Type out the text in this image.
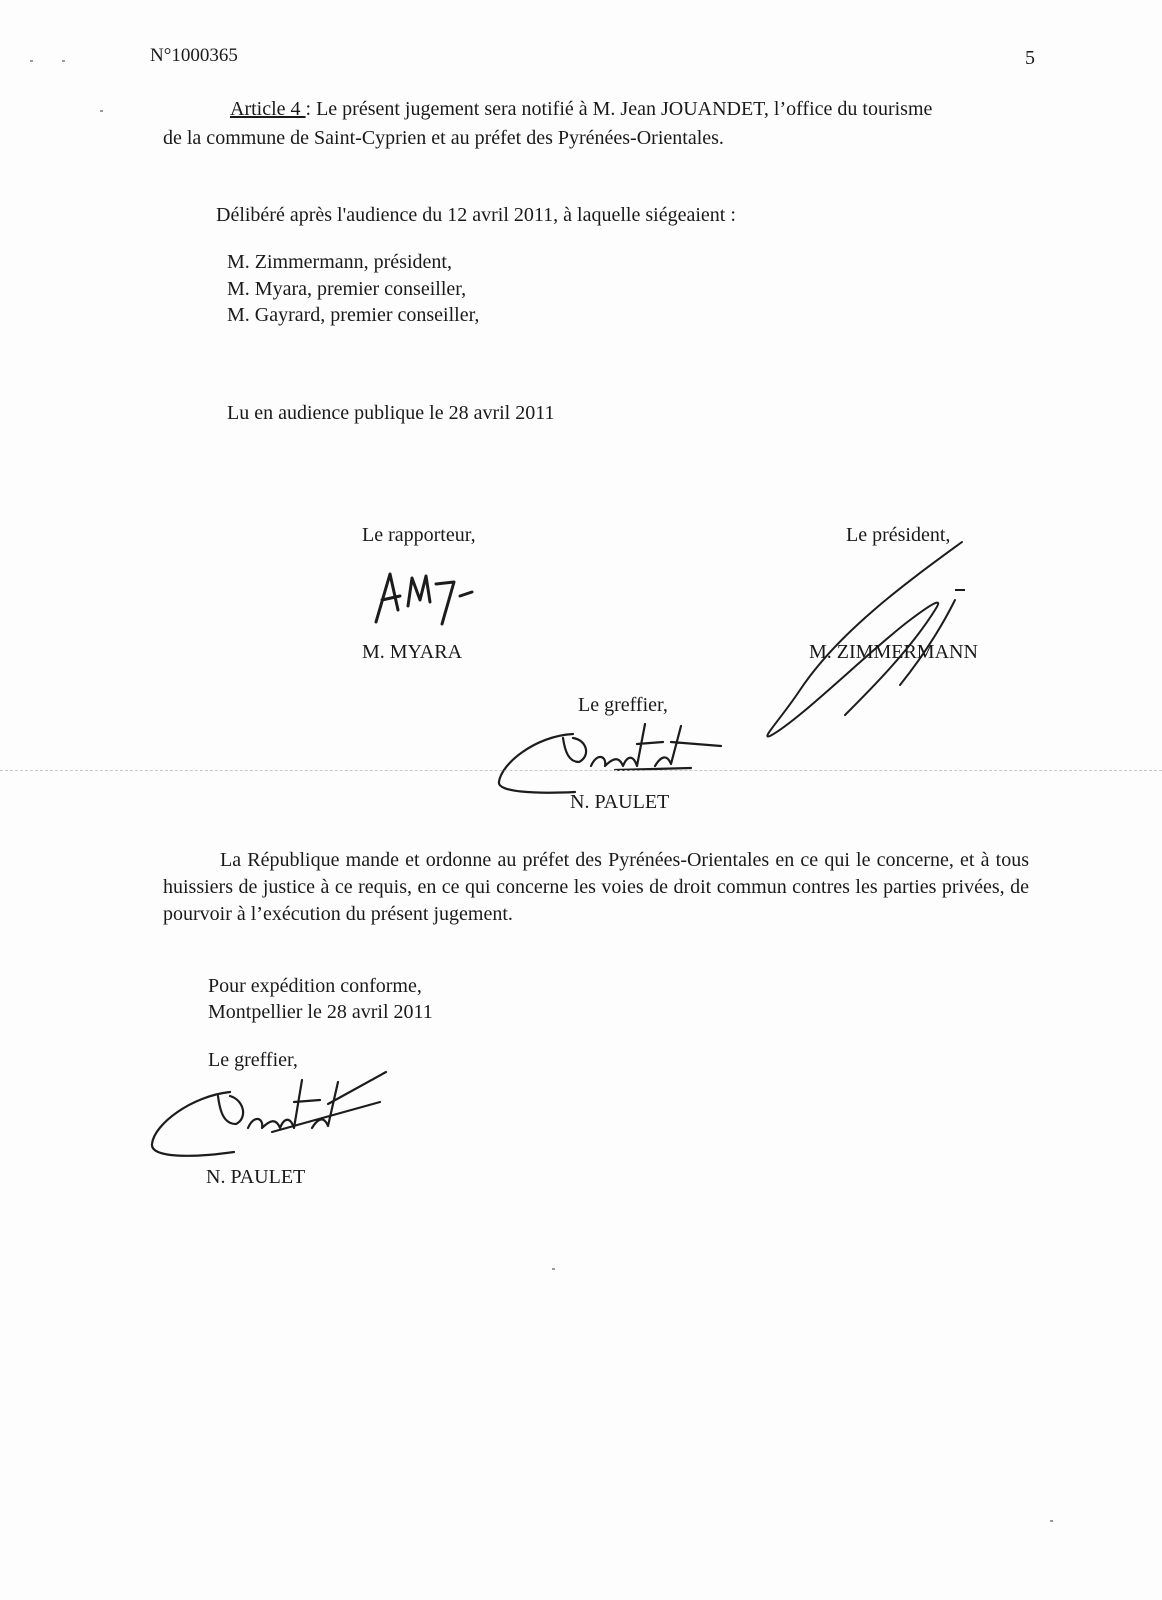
N°1000365	5
Article 4 : Le présent jugement sera notifié à M. Jean JOUANDET, l’office du tourisme
de la commune de Saint-Cyprien et au préfet des Pyrénées-Orientales.
Délibéré après l'audience du 12 avril 2011, à laquelle siégeaient :
M. Zimmermann, président,
M. Myara, premier conseiller,
M. Gayrard, premier conseiller,
Lu en audience publique le 28 avril 2011
Le rapporteur,
M. MYARA
Le président,
M. ZIMMERMANN
Le greffier,
N. PAULET
La République mande et ordonne au préfet des Pyrénées-Orientales en ce qui le concerne, et à tous huissiers de justice à ce requis, en ce qui concerne les voies de droit commun contres les parties privées, de pourvoir à l’exécution du présent jugement.
Pour expédition conforme,
Montpellier le 28 avril 2011
Le greffier,
N. PAULET
